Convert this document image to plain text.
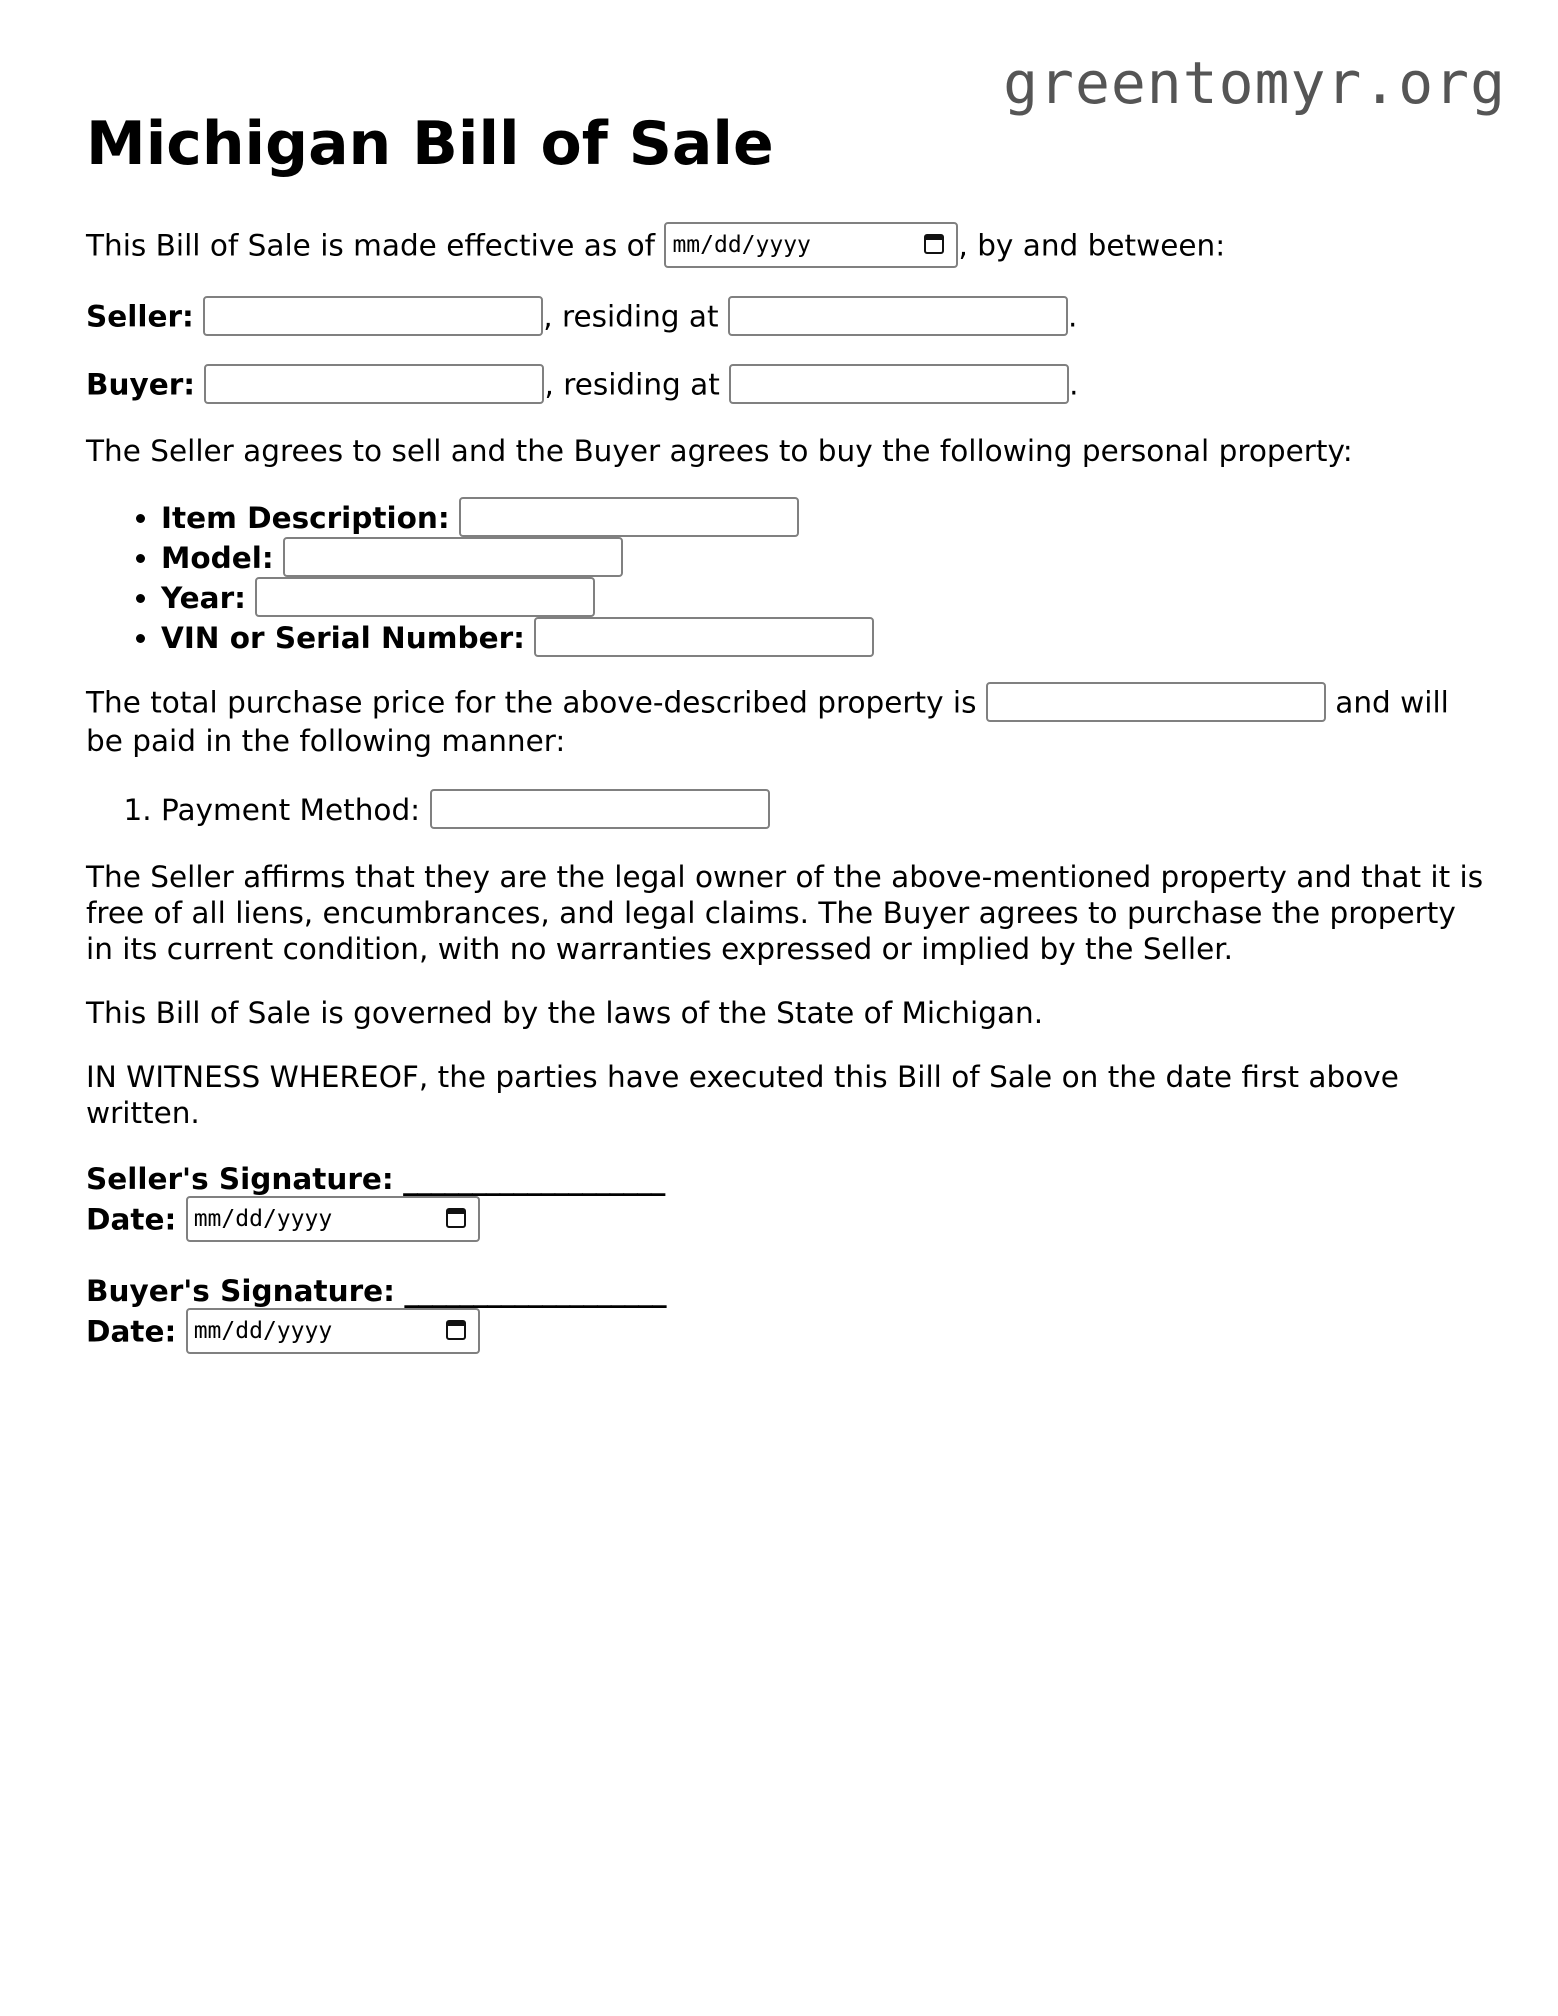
greentomyr.org
Michigan Bill of Sale

This Bill of Sale is made effective as of mm/dd/yyyy	, by and between:

Seller:	, residing at	.

Buyer:	, residing at	.

The Seller agrees to sell and the Buyer agrees to buy the following personal property:

• Item Description:
• Model:
• Year:
• VIN or Serial Number:

The total purchase price for the above-described property is	and will be paid in the following manner:

1. Payment Method:

The Seller affirms that they are the legal owner of the above-mentioned property and that it is free of all liens, encumbrances, and legal claims. The Buyer agrees to purchase the property in its current condition, with no warranties expressed or implied by the Seller.

This Bill of Sale is governed by the laws of the State of Michigan.

IN WITNESS WHEREOF, the parties have executed this Bill of Sale on the date first above written.

Seller's Signature: ___________________
Date: mm/dd/yyyy
Buyer's Signature: ___________________
Date: mm/dd/yyyy
